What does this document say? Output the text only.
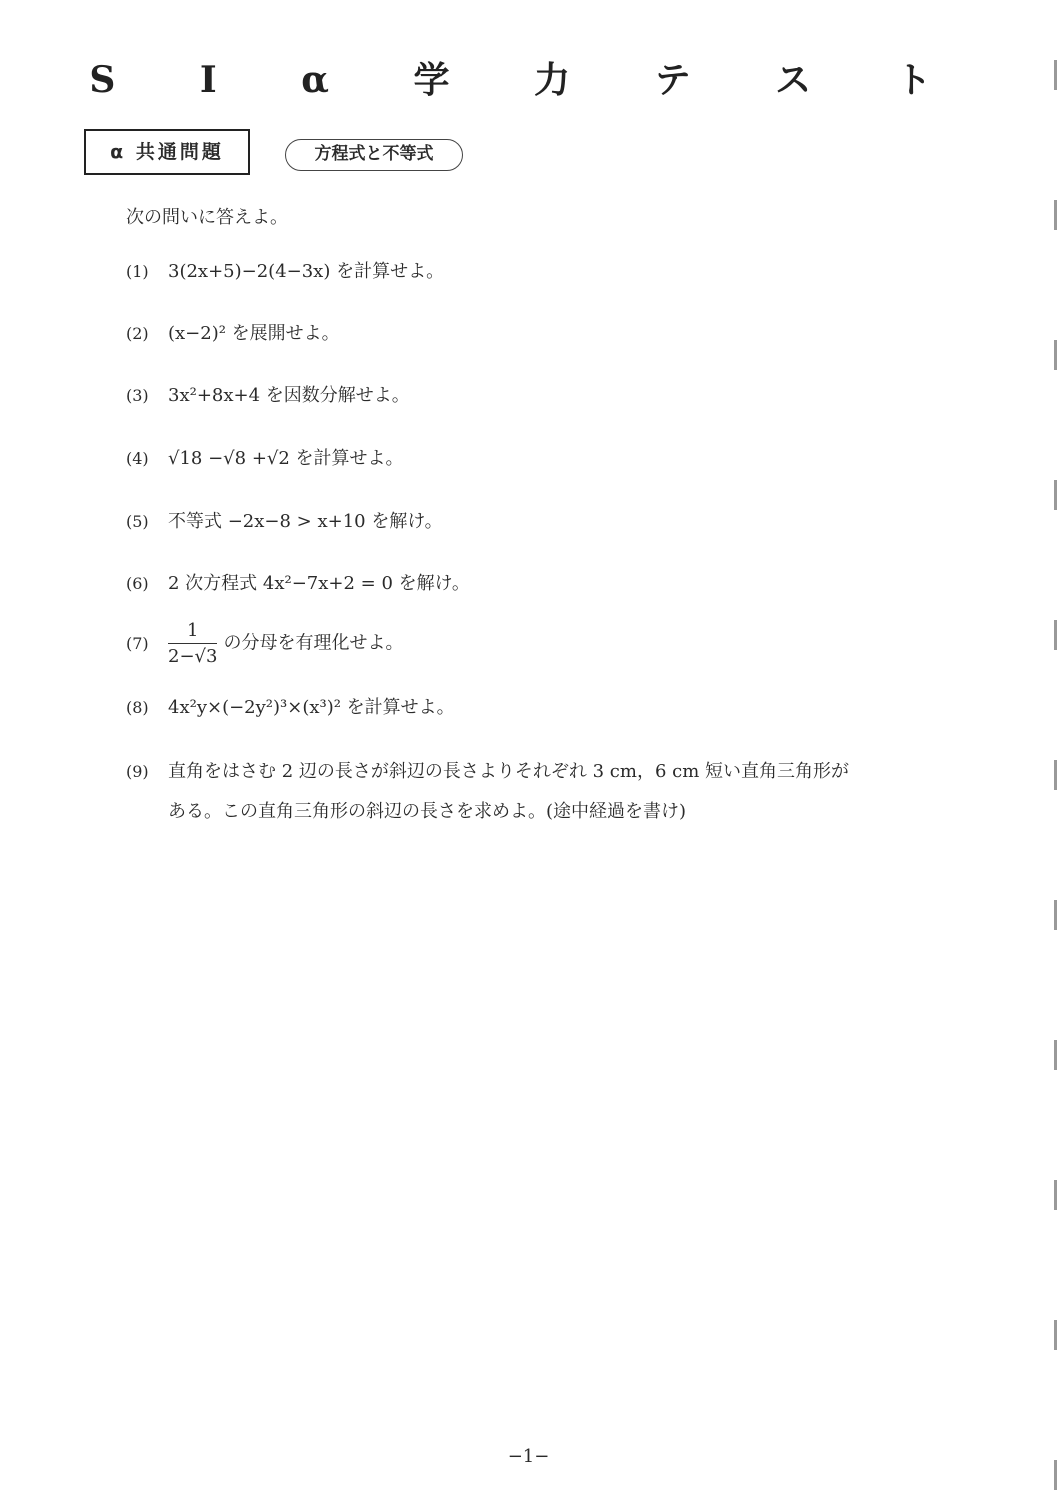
S I α 学 力 テ ス ト
α 共通問題	方程式と不等式
次の問いに答えよ。
(1) 3(2x+5)−2(4−3x) を計算せよ。
(2) (x−2)² を展開せよ。
(3) 3x²+8x+4 を因数分解せよ。
(4) √18 −√8 +√2 を計算せよ。
(5) 不等式 −2x−8 > x+10 を解け。
(6) 2 次方程式 4x²−7x+2 = 0 を解け。
$(7) \frac{1}{2-√3}$ の分母を有理化せよ。
(8) 4x²y×(−2y²)³×(x³)² を計算せよ。
(9) 直角をはさむ 2 辺の長さが斜辺の長さよりそれぞれ 3 cm，6 cm 短い直角三角形が
ある。この直角三角形の斜辺の長さを求めよ。(途中経過を書け)
−1−
